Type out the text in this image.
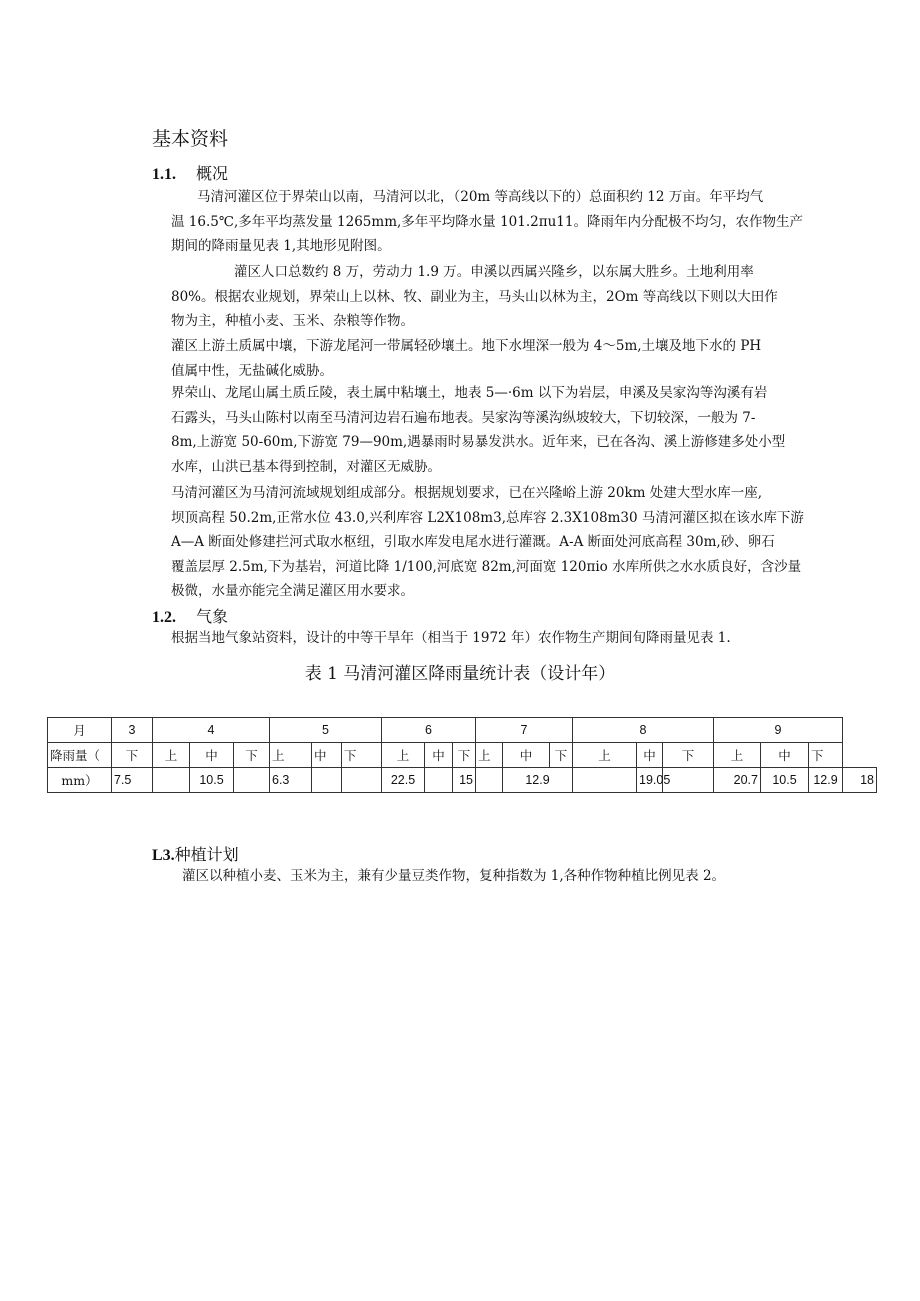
基本资料
1.1. 概况
马清河灌区位于界荣山以南，马清河以北，（20m 等高线以下的）总面积约 12 万亩。年平均气
温 16.5℃,多年平均蒸发量 1265mm,多年平均降水量 101.2πu11。降雨年内分配极不均匀，农作物生产
期间的降雨量见表 1,其地形见附图。
灌区人口总数约 8 万，劳动力 1.9 万。申溪以西属兴隆乡，以东属大胜乡。土地利用率
80%。根据农业规划，界荣山上以林、牧、副业为主，马头山以林为主，2Om 等高线以下则以大田作
物为主，种植小麦、玉米、杂粮等作物。
灌区上游土质属中壤，下游龙尾河一带属轻砂壤土。地下水埋深一般为 4～5m,土壤及地下水的 PH
值属中性，无盐碱化威胁。
界荣山、龙尾山属土质丘陵，表土属中粘壤土，地表 5—·6m 以下为岩层，申溪及吴家沟等沟溪有岩
石露头，马头山陈村以南至马清河边岩石遍布地表。吴家沟等溪沟纵坡较大，下切较深，一般为 7-
8m,上游宽 50-60m,下游宽 79—90m,遇暴雨时易暴发洪水。近年来，已在各沟、溪上游修建多处小型
水库，山洪已基本得到控制，对灌区无威胁。
马清河灌区为马清河流域规划组成部分。根据规划要求，已在兴隆峪上游 20km 处建大型水库一座,
坝顶高程 50.2m,正常水位 43.0,兴利库容 L2X108m3,总库容 2.3X108m30 马清河灌区拟在该水库下游
A—A 断面处修建拦河式取水枢纽，引取水库发电尾水进行灌溉。A-A 断面处河底高程 30m,砂、卵石
覆盖层厚 2.5m,下为基岩，河道比降 1/100,河底宽 82m,河面宽 120πio 水库所供之水水质良好，含沙量
极微，水量亦能完全满足灌区用水要求。
1.2. 气象
根据当地气象站资料，设计的中等干旱年（相当于 1972 年）农作物生产期间旬降雨量见表 1.
表 1 马清河灌区降雨量统计表（设计年）
月	3	4			5			6			7			8			9			
降雨量（	下	上	中	下	上	中	下	上	中	下	上	中	下	上	中	下	上	中	下	
mm）	7.5		10.5		6.3			22.5		15		12.9			19.05		20.7	10.5	12.9	18
L3.种植计划
灌区以种植小麦、玉米为主，兼有少量豆类作物，复种指数为 1,各种作物种植比例见表 2。
